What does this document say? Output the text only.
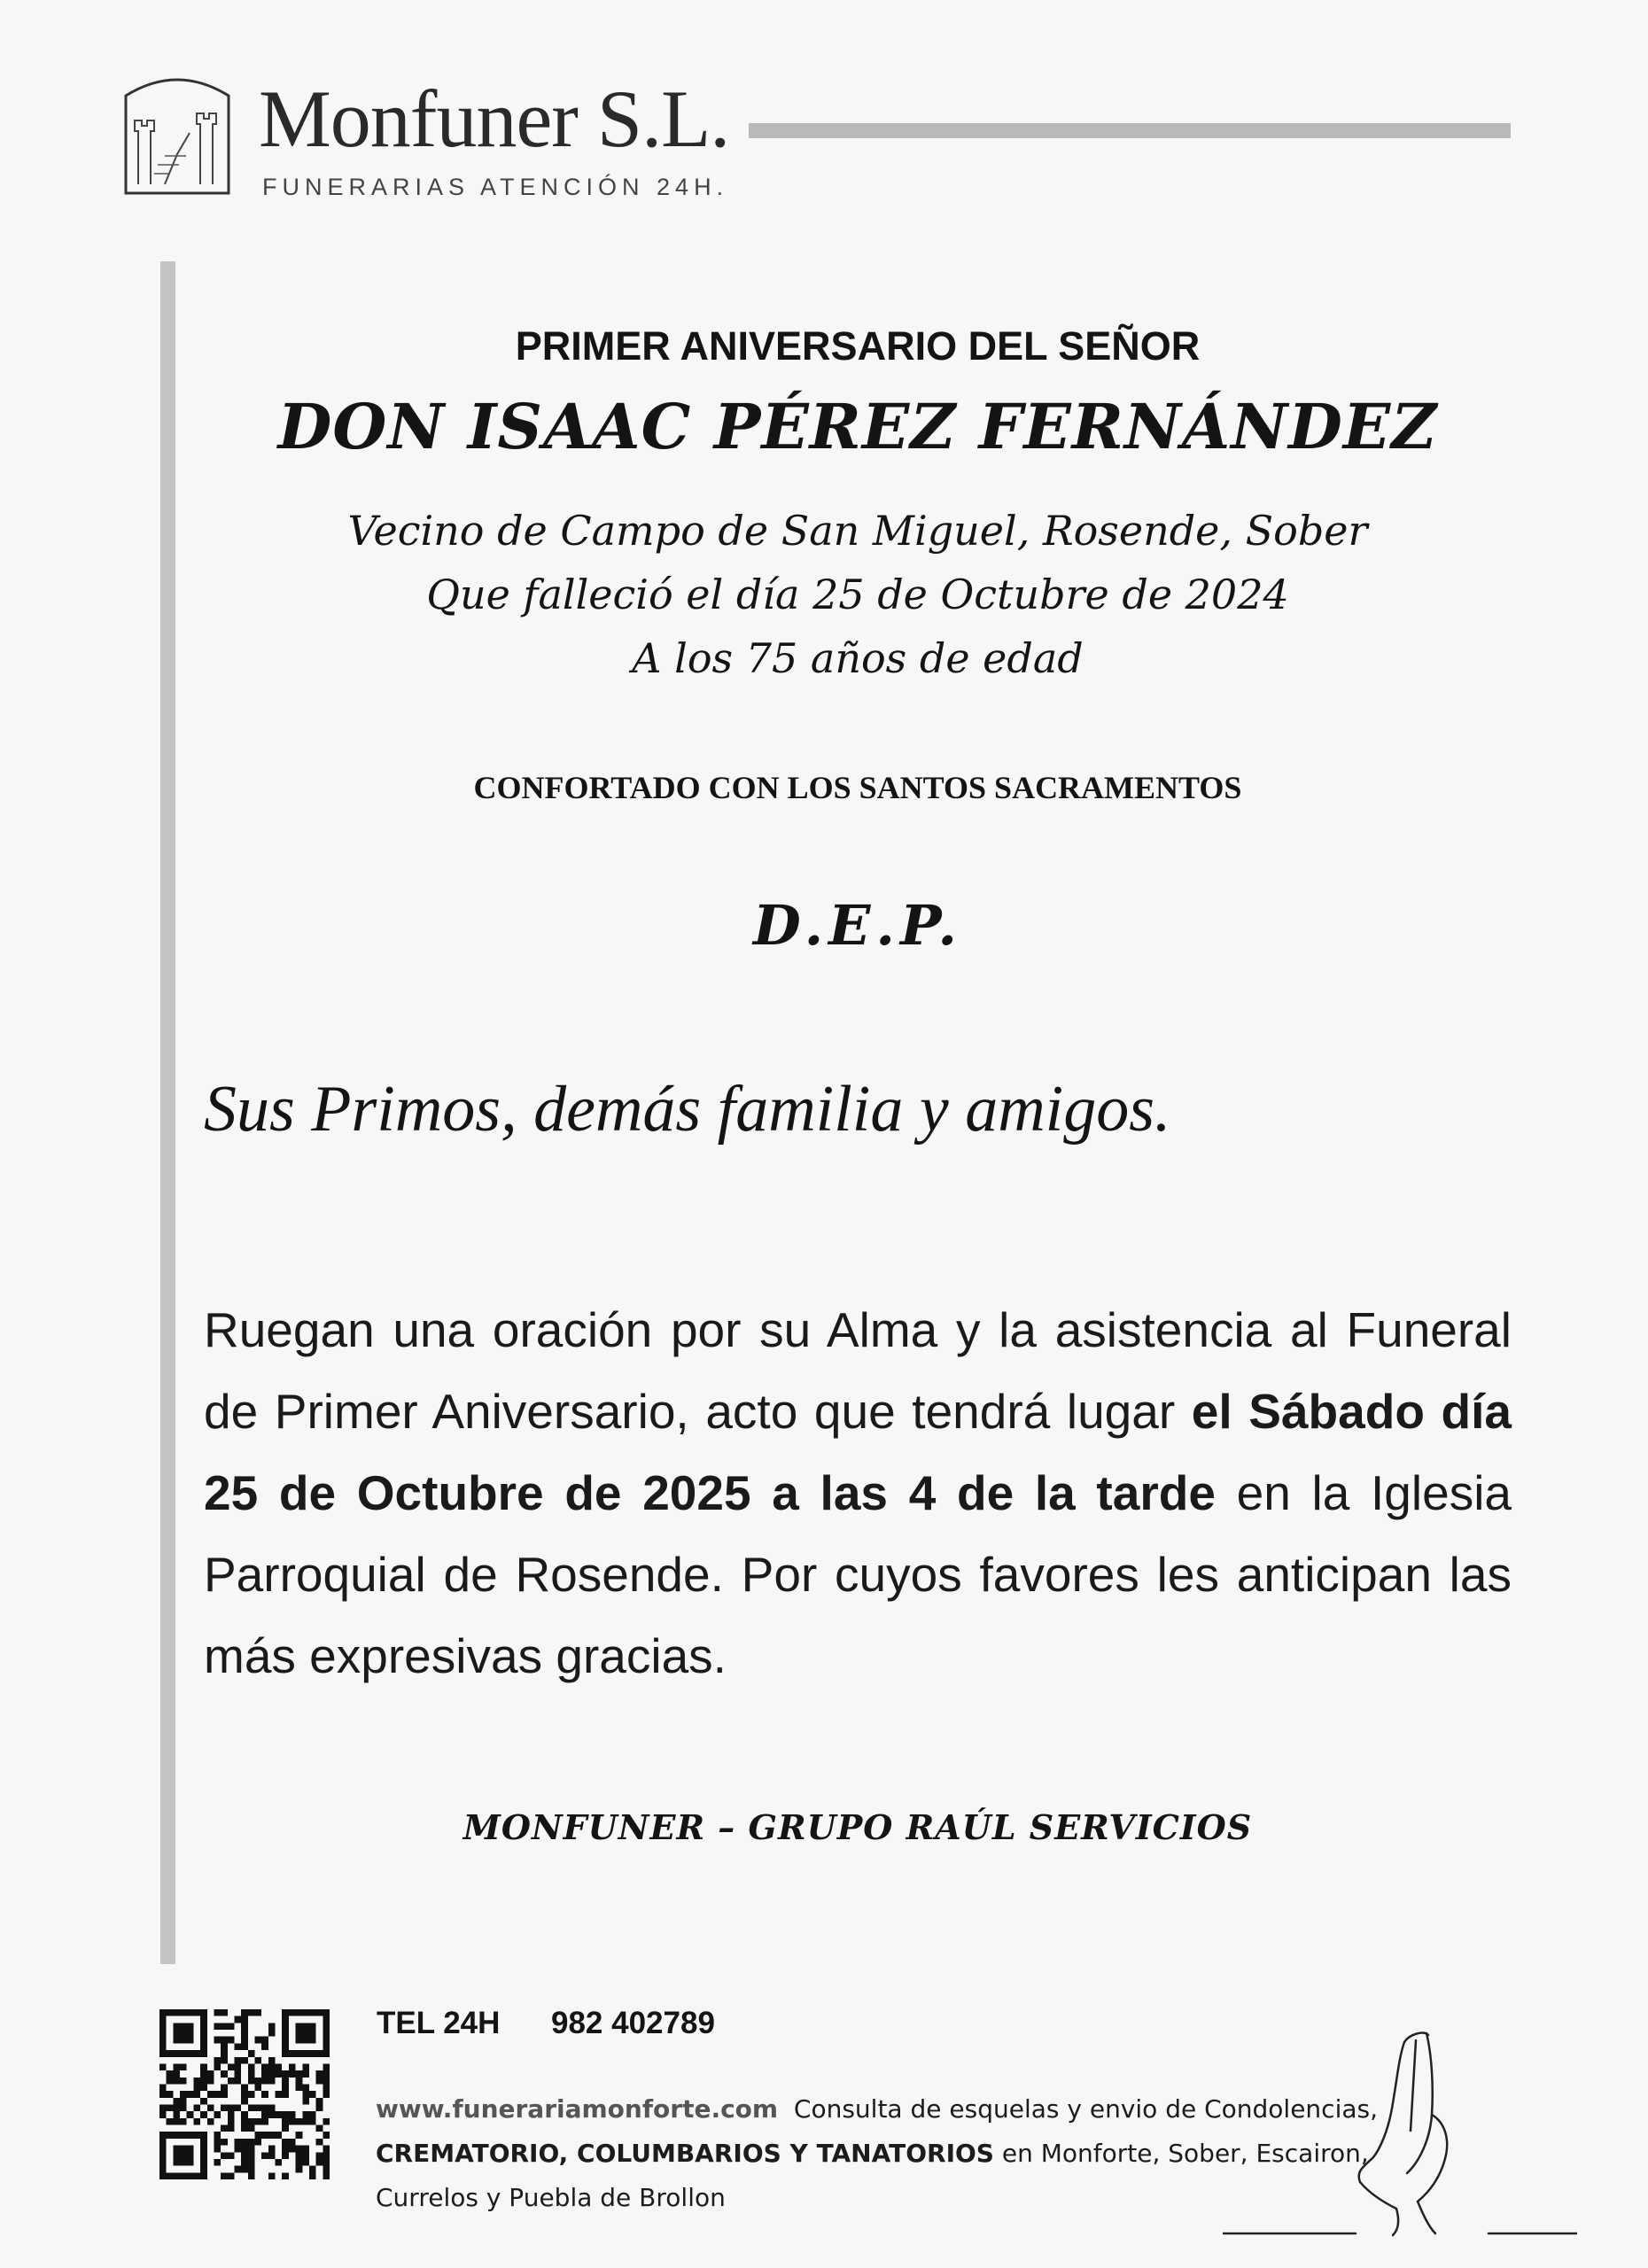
Monfuner S.L.
FUNERARIAS ATENCIÓN 24H.
PRIMER ANIVERSARIO DEL SEÑOR
DON ISAAC PÉREZ FERNÁNDEZ
Vecino de Campo de San Miguel, Rosende, Sober
Que falleció el día 25 de Octubre de 2024
A los 75 años de edad
CONFORTADO CON LOS SANTOS SACRAMENTOS
D.E.P.
Sus Primos, demás familia y amigos.
Ruegan una oración por su Alma y la asistencia al Funeral de Primer Aniversario, acto que tendrá lugar el Sábado día 25 de Octubre de 2025 a las 4 de la tarde en la Iglesia Parroquial de Rosende. Por cuyos favores les anticipan las más expresivas gracias.
MONFUNER – GRUPO RAÚL SERVICIOS
TEL 24H 982 402789
www.funerariamonforte.com Consulta de esquelas y envio de Condolencias, CREMATORIO, COLUMBARIOS Y TANATORIOS en Monforte, Sober, Escairon, Currelos y Puebla de Brollon
